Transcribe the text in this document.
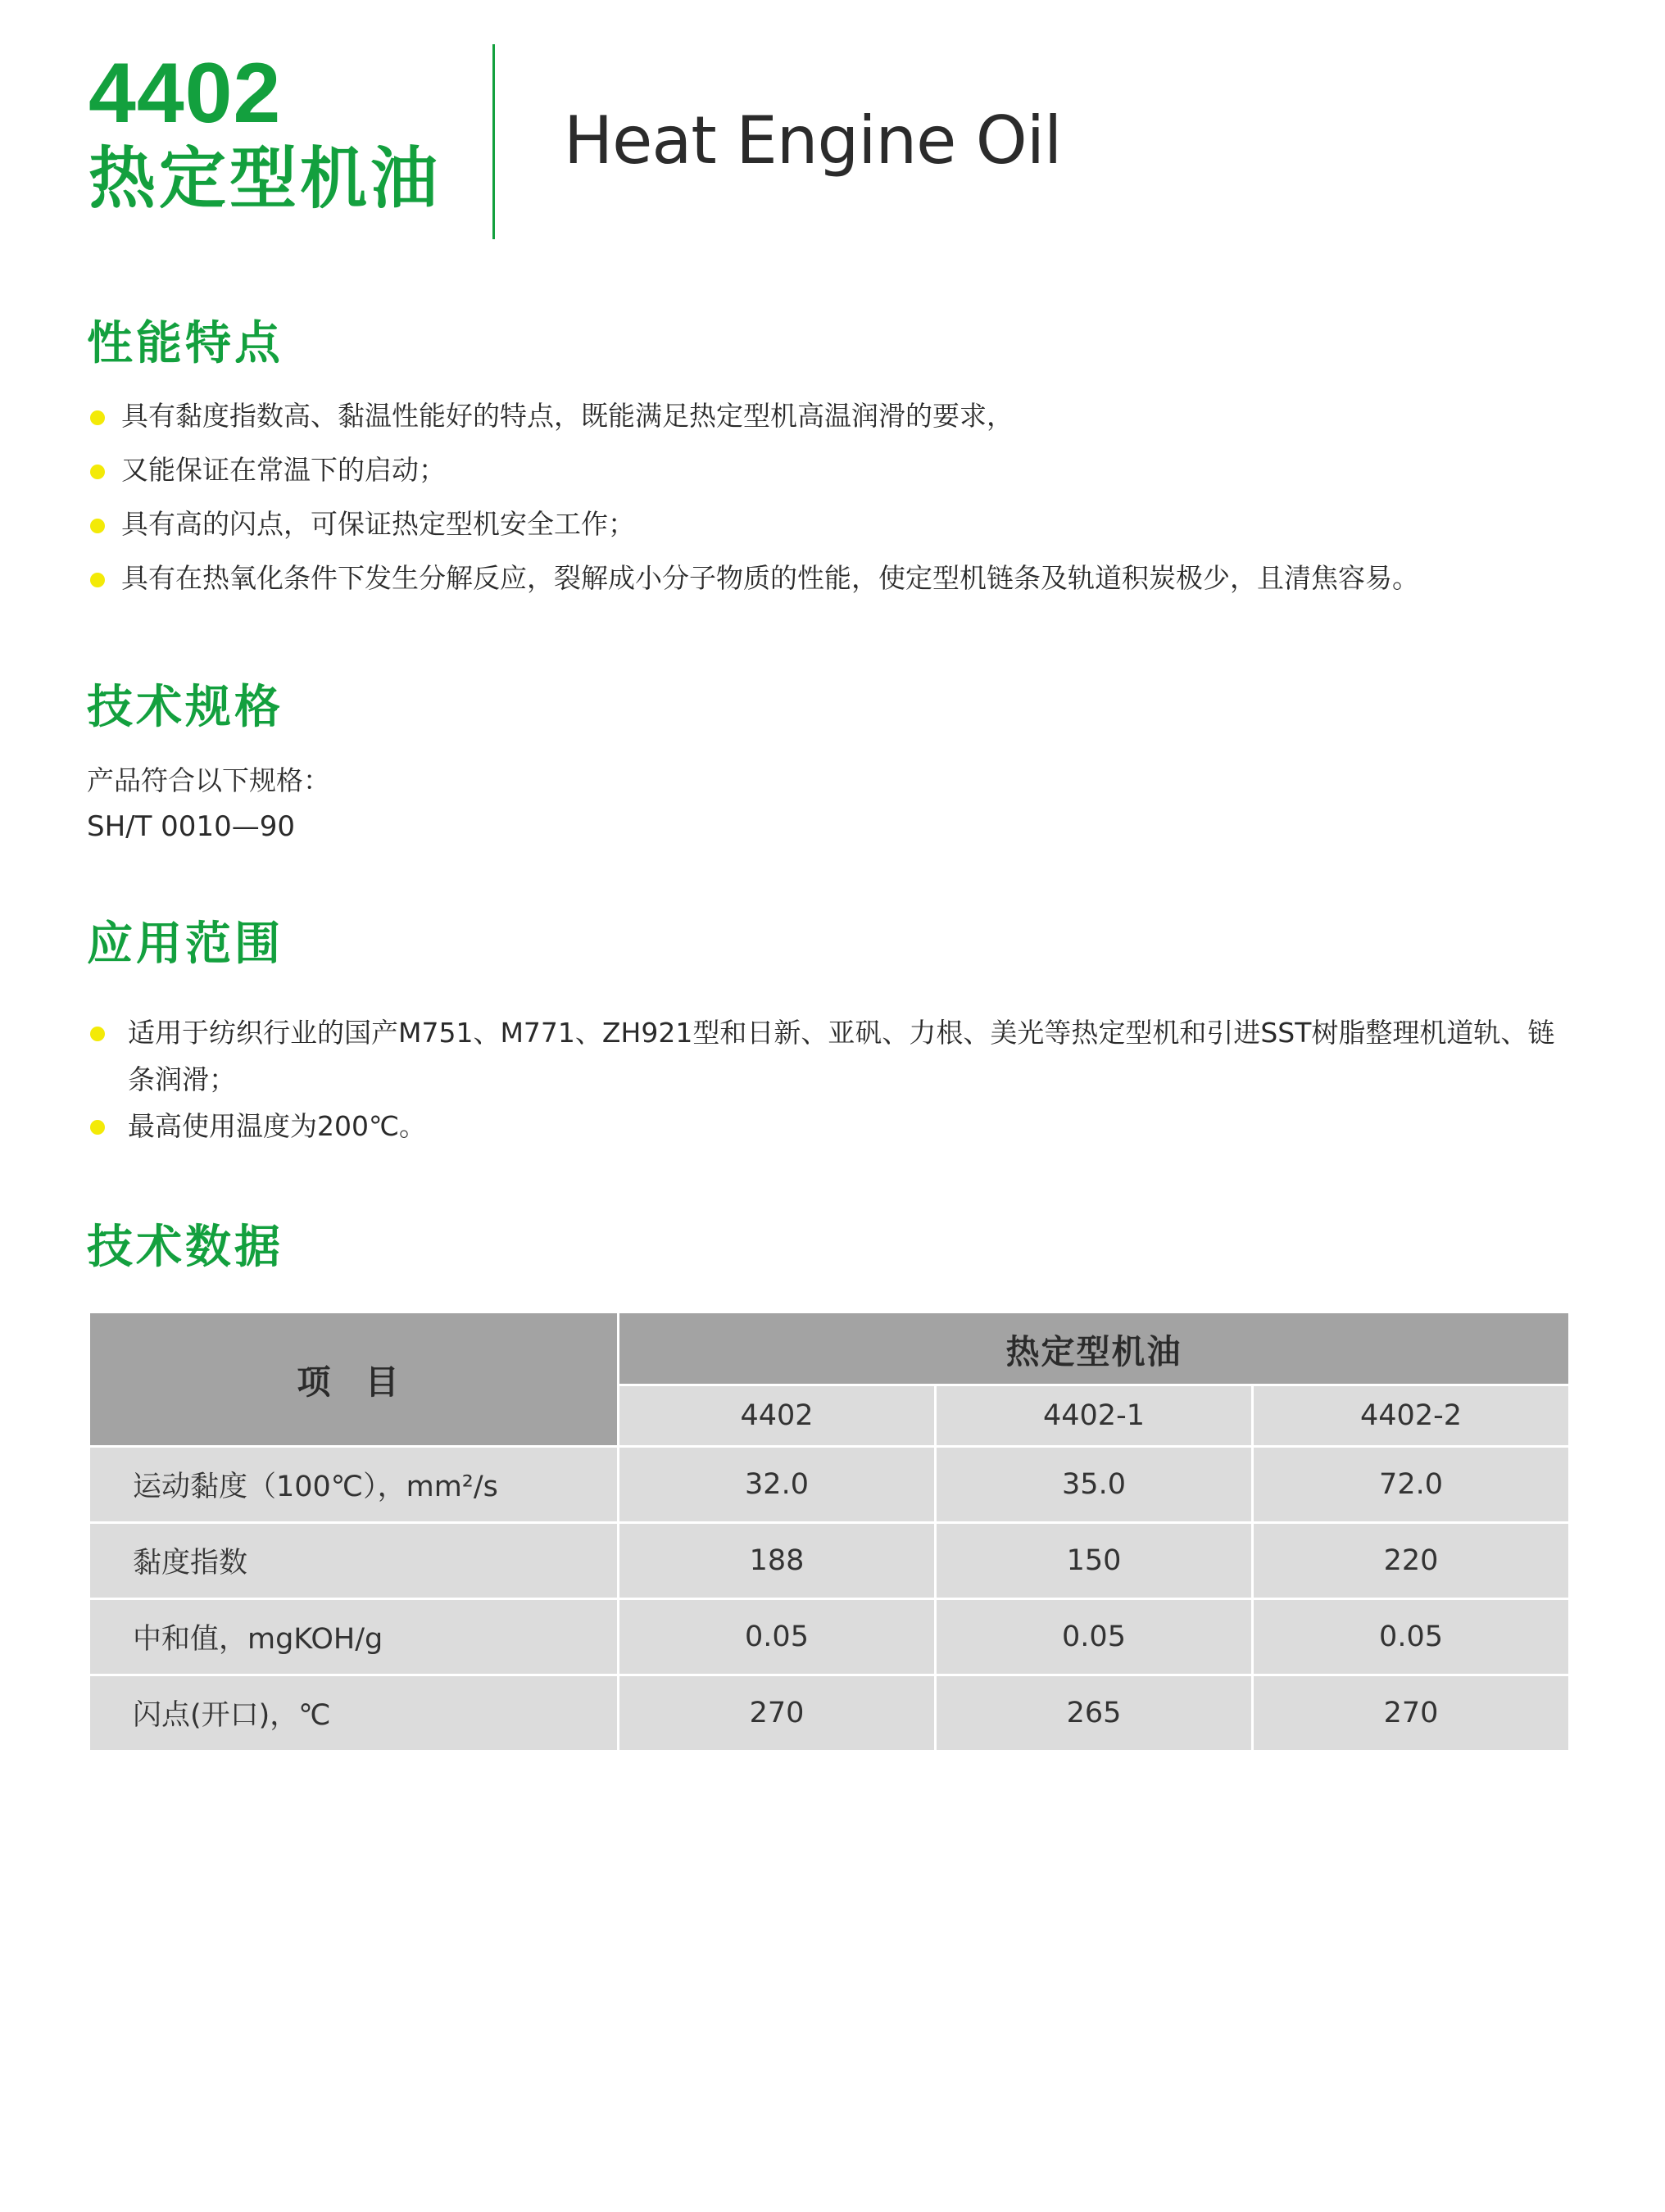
4402
热定型机油 Heat Engine Oil
性能特点
具有黏度指数高、黏温性能好的特点，既能满足热定型机高温润滑的要求，
又能保证在常温下的启动；
具有高的闪点，可保证热定型机安全工作；
具有在热氧化条件下发生分解反应，裂解成小分子物质的性能，使定型机链条及轨道积炭极少，且清焦容易。
技术规格
产品符合以下规格：
SH/T 0010—90
应用范围
适用于纺织行业的国产M751、M771、ZH921型和日新、亚矾、力根、美光等热定型机和引进SST树脂整理机道轨、链条润滑；
最高使用温度为200℃。
技术数据
项 目	热定型机油		
	4402	4402-1	4402-2
运动黏度（100℃），mm²/s	32.0	35.0	72.0
黏度指数	188	150	220
中和值，mgKOH/g	0.05	0.05	0.05
闪点(开口)，℃	270	265	270
